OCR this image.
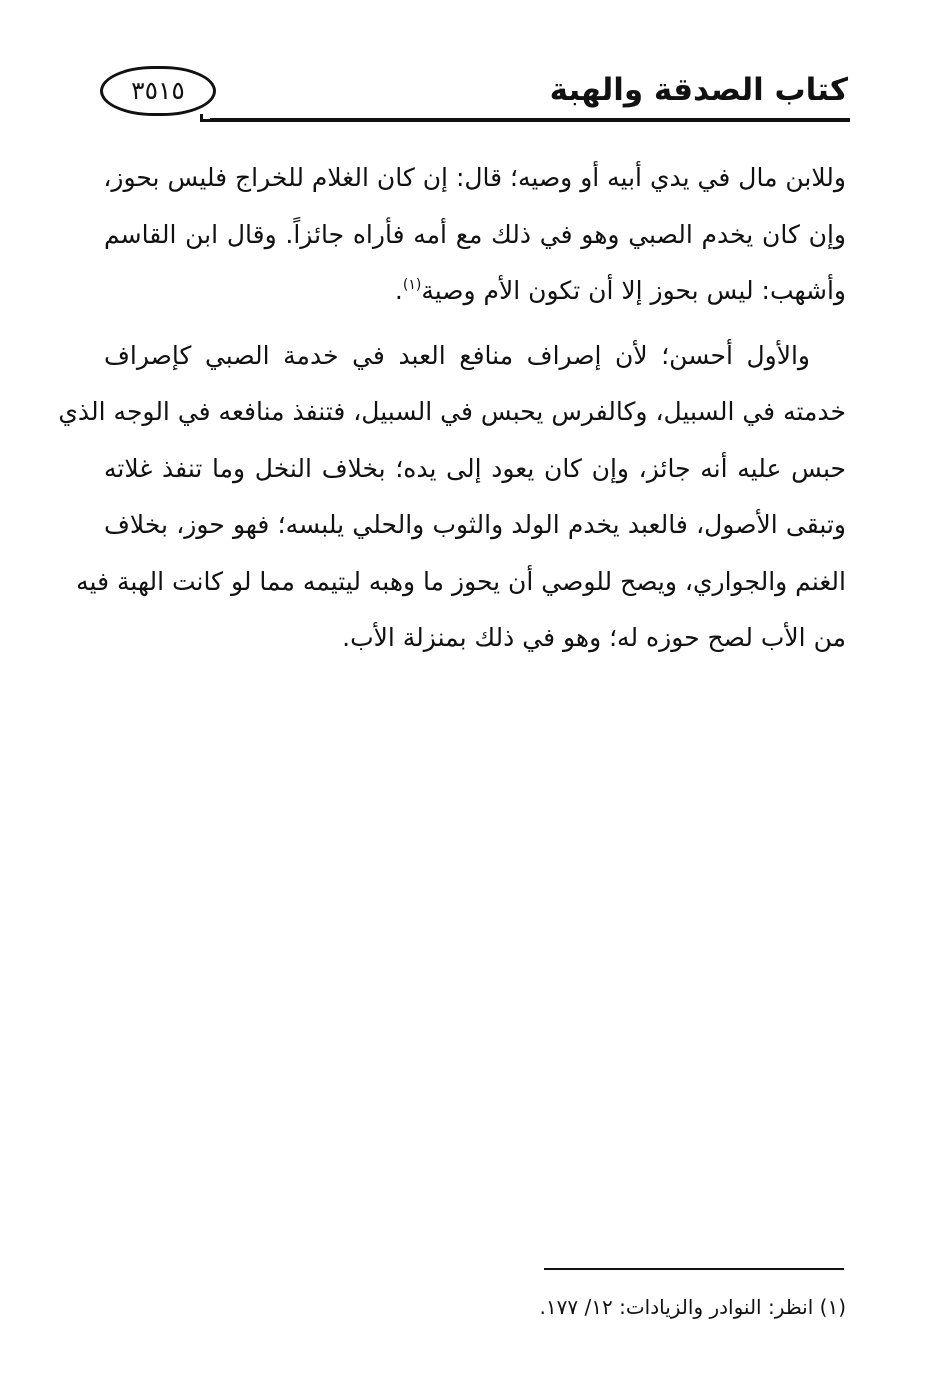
٣٥١٥	كتاب الصدقة والهبة
وللابن مال في يدي أبيه أو وصيه؛ قال: إن كان الغلام للخراج فليس بحوز،
وإن كان يخدم الصبي وهو في ذلك مع أمه فأراه جائزاً. وقال ابن القاسم
وأشهب: ليس بحوز إلا أن تكون الأم وصية$^{(١)}$.
والأول أحسن؛ لأن إصراف منافع العبد في خدمة الصبي كإصراف
خدمته في السبيل، وكالفرس يحبس في السبيل، فتنفذ منافعه في الوجه الذي
حبس عليه أنه جائز، وإن كان يعود إلى يده؛ بخلاف النخل وما تنفذ غلاته
وتبقى الأصول، فالعبد يخدم الولد والثوب والحلي يلبسه؛ فهو حوز، بخلاف
الغنم والجواري، ويصح للوصي أن يحوز ما وهبه ليتيمه مما لو كانت الهبة فيه
من الأب لصح حوزه له؛ وهو في ذلك بمنزلة الأب.
(١) انظر: النوادر والزيادات: ١٢/ ١٧٧.
